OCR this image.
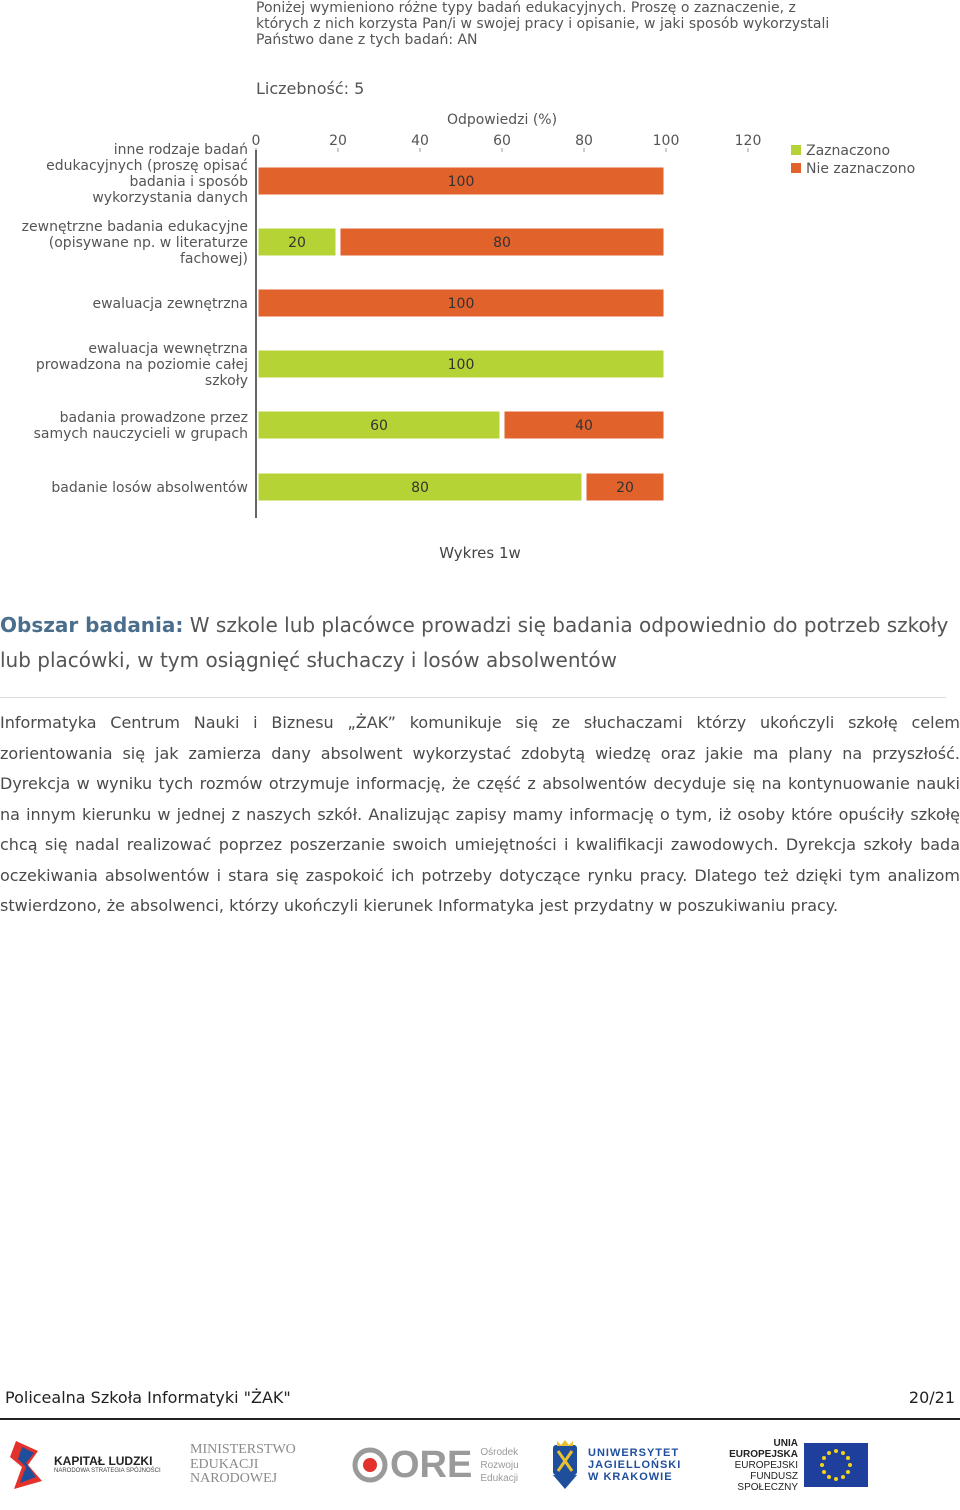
Poniżej wymieniono różne typy badań edukacyjnych. Proszę o zaznaczenie, z
których z nich korzysta Pan/i w swojej pracy i opisanie, w jaki sposób wykorzystali
Państwo dane z tych badań: AN
Liczebność: 5
Odpowiedzi (%)
0	20	40	60	80	100	120
100
inne rodzaje badań edukacyjnych (proszę opisać badania i sposób wykorzystania danych
20	80
zewnętrzne badania edukacyjne (opisywane np. w literaturze fachowej)
100
ewaluacja zewnętrzna
100
ewaluacja wewnętrzna prowadzona na poziomie całej szkoły
60	40
badania prowadzone przez samych nauczycieli w grupach
80	20
badanie losów absolwentów
Zaznaczono
Nie zaznaczono
Wykres 1w
Obszar badania: W szkole lub placówce prowadzi się badania odpowiednio do potrzeb szkoły lub placówki, w tym osiągnięć słuchaczy i losów absolwentów

Informatyka Centrum Nauki i Biznesu „ŻAK” komunikuje się ze słuchaczami którzy ukończyli szkołę celem zorientowania się jak zamierza dany absolwent wykorzystać zdobytą wiedzę oraz jakie ma plany na przyszłość. Dyrekcja w wyniku tych rozmów otrzymuje informację, że część z absolwentów decyduje się na kontynuowanie nauki na innym kierunku w jednej z naszych szkół. Analizując zapisy mamy informację o tym, iż osoby które opuściły szkołę chcą się nadal realizować poprzez poszerzanie swoich umiejętności i kwalifikacji zawodowych. Dyrekcja szkoły bada oczekiwania absolwentów i stara się zaspokoić ich potrzeby dotyczące rynku pracy. Dlatego też dzięki tym analizom stwierdzono, że absolwenci, którzy ukończyli kierunek Informatyka jest przydatny w poszukiwaniu pracy.

Policealna Szkoła Informatyki "ŻAK"	20/21
KAPITAŁ LUDZKI
NARODOWA STRATEGIA SPÓJNOŚCI
MINISTERSTWO
EDUKACJI
NARODOWEJ	ORE Ośrodek
Rozwoju
Edukacji
UNIWERSYTET
JAGIELLOŃSKI
W KRAKOWIE
UNIA EUROPEJSKA
EUROPEJSKI
FUNDUSZ SPOŁECZNY
